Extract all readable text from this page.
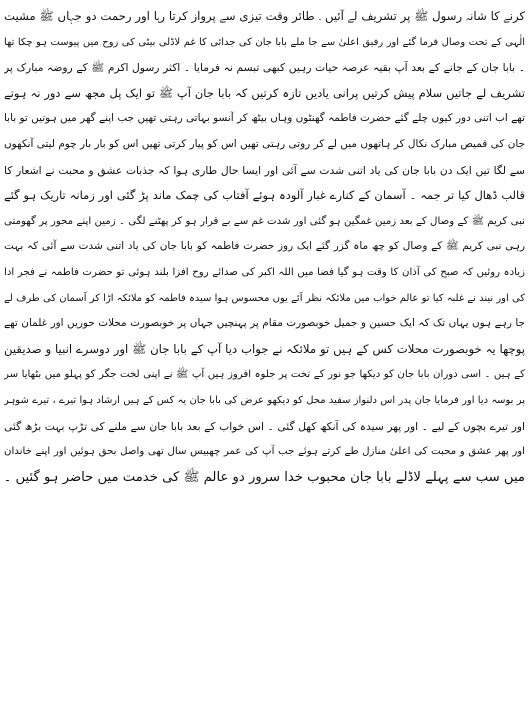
کرنے کا شانہ رسول ﷺ پر تشریف لے آئیں ۔ طائر وقت تیزی سے پرواز کرتا رہا اور رحمت دو جہاں ﷺ مشیت
الٰہی کے تحت وصال فرما گئے اور رفیق اعلیٰ سے جا ملے بابا جان کی جدائی کا غم لاڈلی بیٹی کی روح میں پیوست ہو چکا تھا
۔ بابا جان کے جانے کے بعد آپ بقیہ عرصہ حیات رہیں کبھی تبسم نہ فرمایا ۔ اکثر رسول اکرم ﷺ کے روضہ مبارک پر
تشریف لے جاتیں سلام پیش کرتیں پرانی یادیں تازہ کرتیں کہ بابا جان آپ ﷺ تو ایک پل مجھ سے دور نہ ہوتے
تھے اب اتنی دور کیوں چلے گئے حضرت فاطمہ گھنٹوں وہاں بیٹھ کر آنسو بہاتی رہتی تھیں جب اپنے گھر میں ہوتیں تو بابا
جان کی قمیص مبارک نکال کر ہاتھوں میں لے کر روتی رہتی تھیں اس کو پیار کرتی تھیں اس کو بار بار چوم لیتی آنکھوں
سے لگا تیں ایک دن بابا جان کی یاد اتنی شدت سے آئی اور ایسا حال طاری ہوا کہ جذبات عشق و محبت نے اشعار کا
قالب ڈھال کیا تر جمہ ۔ آسمان کے کنارے غبار آلودہ ہوئے آفتاب کی چمک ماند پڑ گئی اور زمانہ تاریک ہو گئے
نبی کریم ﷺ کے وصال کے بعد زمین غمگین ہو گئی اور شدت غم سے بے قرار ہو کر پھٹنے لگی ۔ زمین اپنے محور پر گھومتی
رہی نبی کریم ﷺ کے وصال کو چھ ماہ گزر گئے ایک روز حضرت فاطمہ کو بابا جان کی یاد اتنی شدت سے آئی کہ بہت
زیادہ روئیں کہ صبح کی آذان کا وقت ہو گیا فضا میں اللہ اکبر کی صدائے روح افزا بلند ہوئی تو حضرت فاطمہ نے فجر ادا
کی اور نیند نے غلبہ کیا تو عالم خواب میں ملائکہ نظر آئے یوں محسوس ہوا سیدہ فاطمہ کو ملائکہ اڑا کر آسمان کی طرف لے
جا رہے ہوں یہاں تک کہ ایک حسین و جمیل خوبصورت مقام پر پہنچیں جہاں پر خوبصورت محلات حوریں اور غلمان تھے
پوچھا یہ خوبصورت محلات کس کے ہیں تو ملائکہ نے جواب دیا آپ کے بابا جان ﷺ اور دوسرے انبیا و صدیقین
کے ہیں ۔ اسی دوران بابا جان کو دیکھا جو نور کے تخت پر جلوہ افروز ہیں آپ ﷺ نے اپنی لخت جگر کو پہلو میں بٹھایا سر
پر بوسہ دیا اور فرمایا جان پدر اس دلنواز سفید محل کو دیکھو عرض کی بابا جان یہ کس کے ہیں ارشاد ہوا تیرے ، تیرے شوہر
اور تیرے بچوں کے لیے ۔ اور پھر سیدہ کی آنکھ کھل گئی ۔ اس خواب کے بعد بابا جان سے ملنے کی تڑپ بہت بڑھ گئی
اور پھر عشق و محبت کی اعلیٰ منازل طے کرتے ہوئے جب آپ کی عمر چھبیس سال تھی واصل بحق ہوئیں اور اپنے خاندان
میں سب سے پہلے لاڈلے بابا جان محبوب خدا سرور دو عالم ﷺ کی خدمت میں حاضر ہو گئیں ۔
